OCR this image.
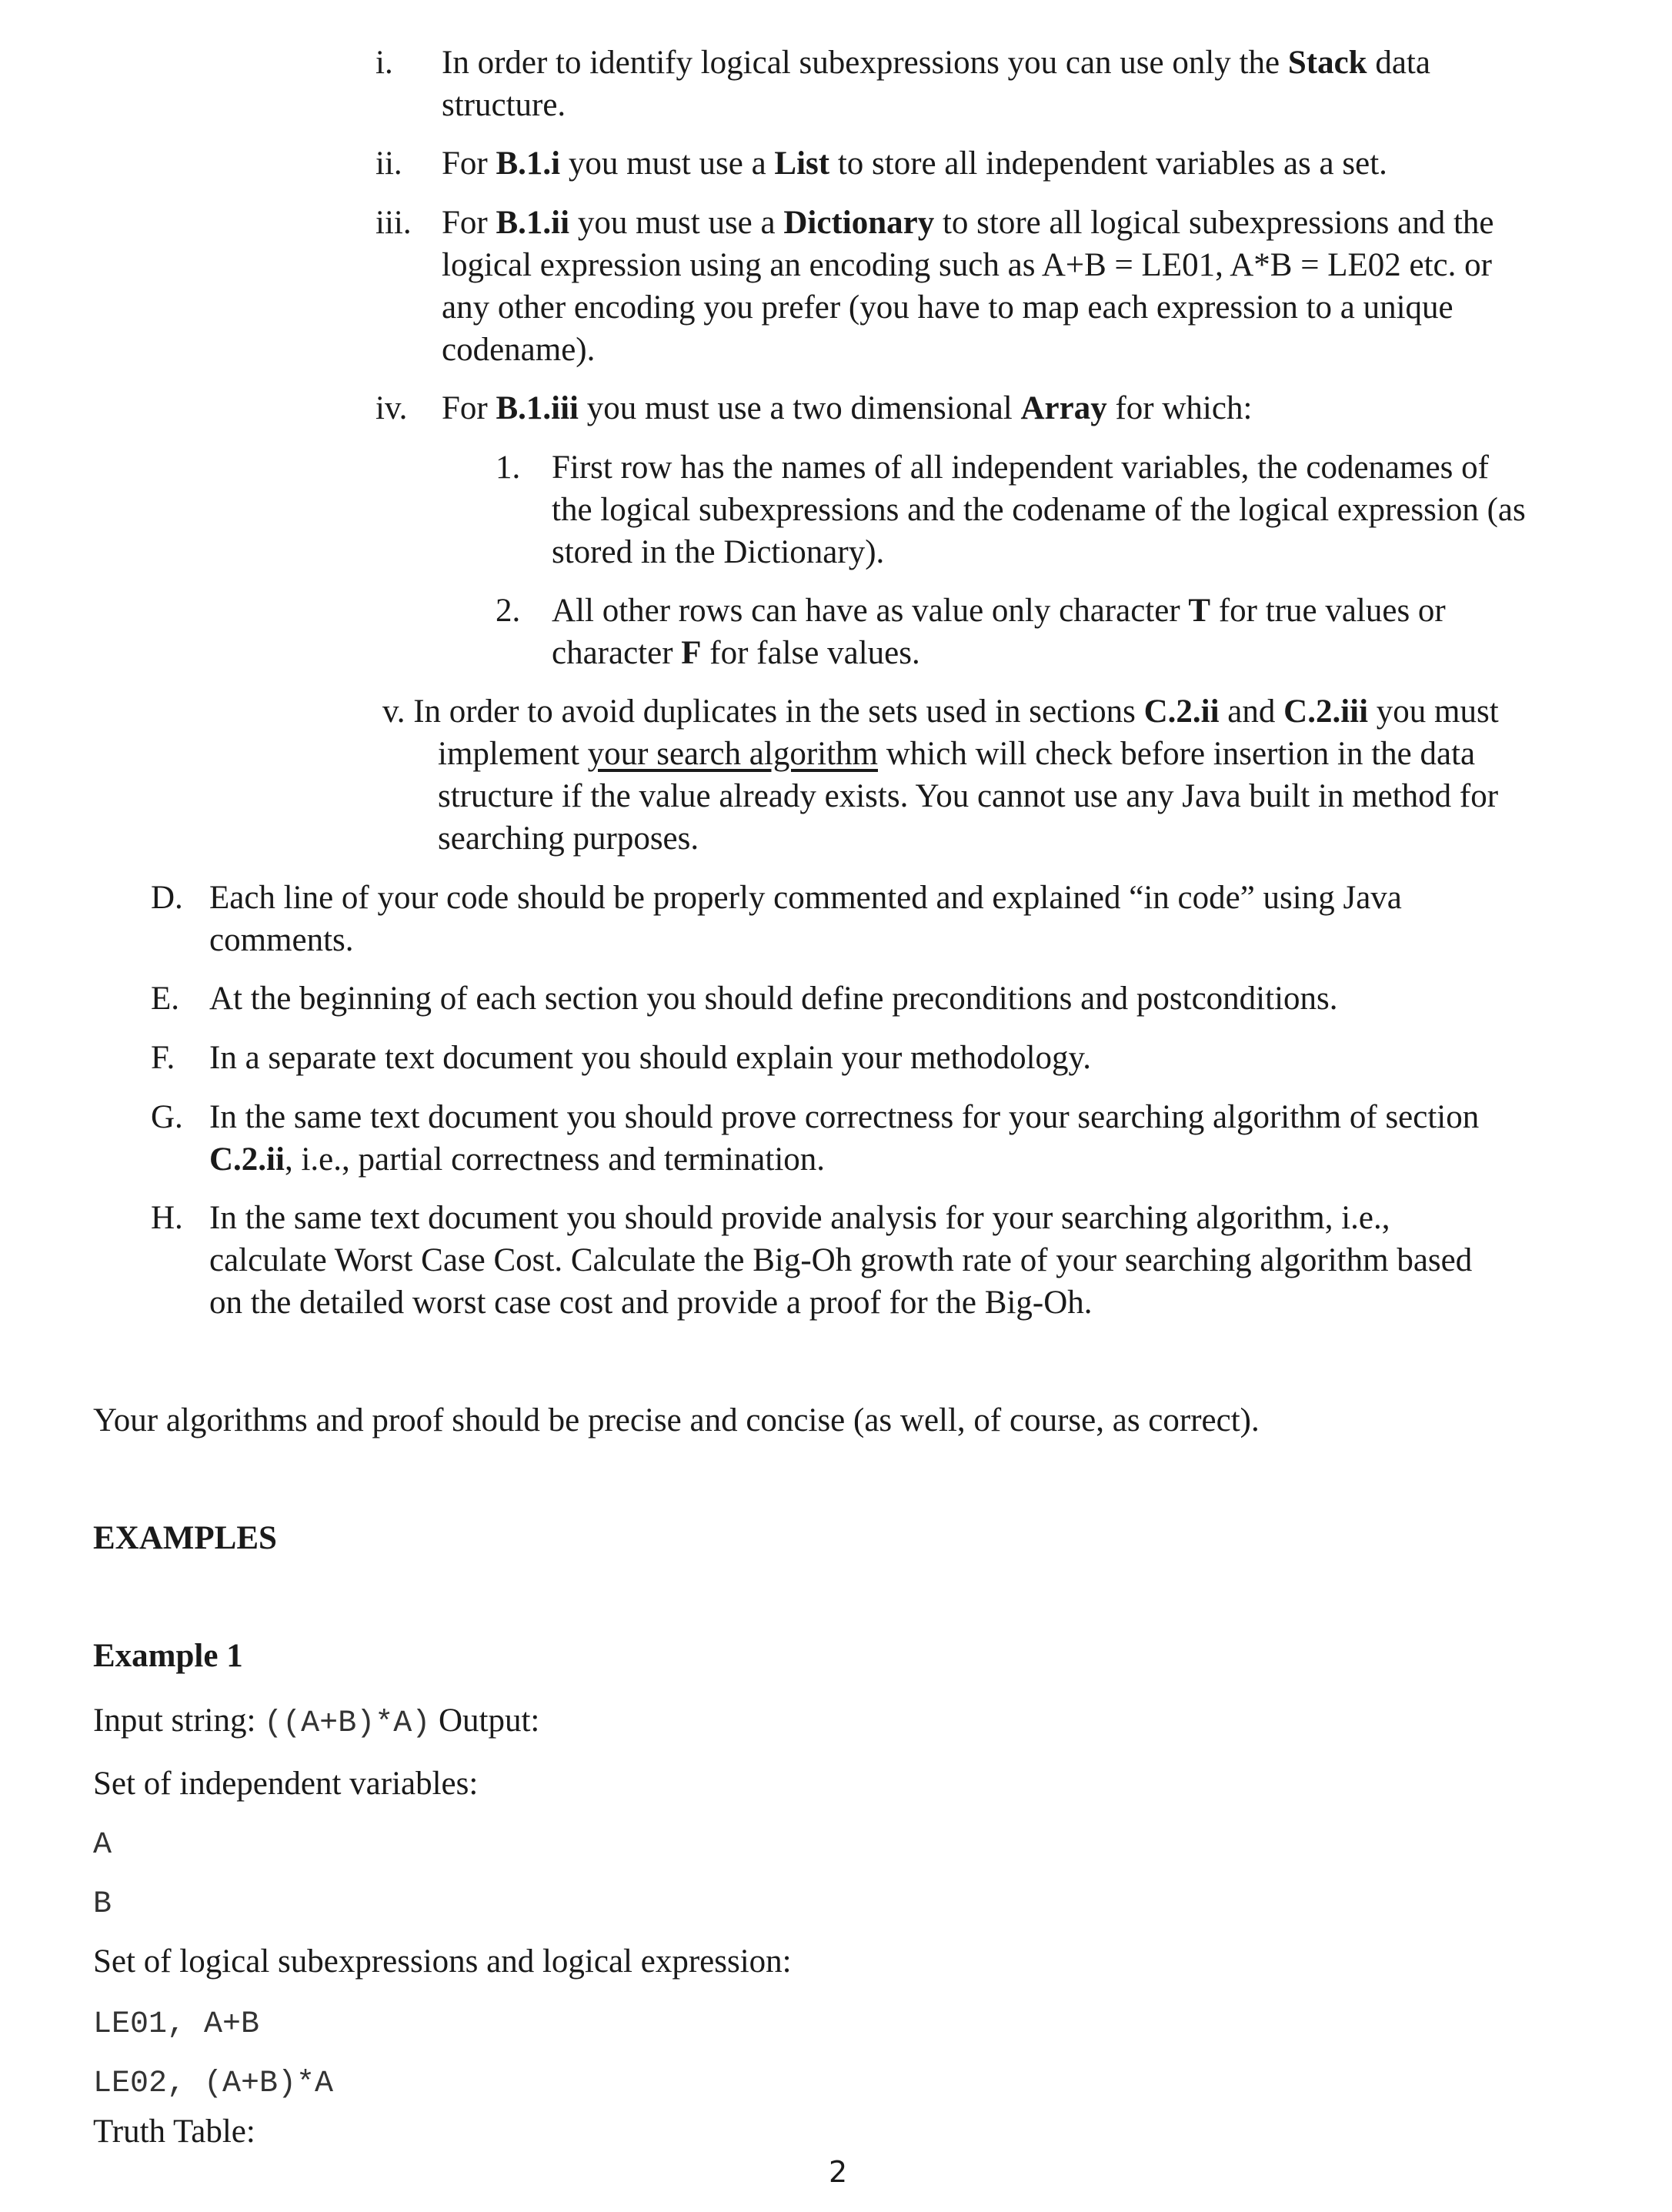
i. In order to identify logical subexpressions you can use only the Stack data
structure.
ii. For B.1.i you must use a List to store all independent variables as a set.
iii. For B.1.ii you must use a Dictionary to store all logical subexpressions and the
logical expression using an encoding such as A+B = LE01, A*B = LE02 etc. or
any other encoding you prefer (you have to map each expression to a unique
codename).
iv. For B.1.iii you must use a two dimensional Array for which:
1. First row has the names of all independent variables, the codenames of
the logical subexpressions and the codename of the logical expression (as
stored in the Dictionary).
2. All other rows can have as value only character T for true values or
character F for false values.
v. In order to avoid duplicates in the sets used in sections C.2.ii and C.2.iii you must
implement your search algorithm which will check before insertion in the data
structure if the value already exists. You cannot use any Java built in method for
searching purposes.
D. Each line of your code should be properly commented and explained “in code” using Java
comments.
E. At the beginning of each section you should define preconditions and postconditions.
F. In a separate text document you should explain your methodology.
G. In the same text document you should prove correctness for your searching algorithm of section
C.2.ii, i.e., partial correctness and termination.
H. In the same text document you should provide analysis for your searching algorithm, i.e.,
calculate Worst Case Cost. Calculate the Big-Oh growth rate of your searching algorithm based
on the detailed worst case cost and provide a proof for the Big-Oh.
Your algorithms and proof should be precise and concise (as well, of course, as correct).
EXAMPLES
Example 1
Input string: ((A+B)*A) Output:
Set of independent variables:
A
B
Set of logical subexpressions and logical expression:
LE01, A+B
LE02, (A+B)*A
Truth Table:
2
